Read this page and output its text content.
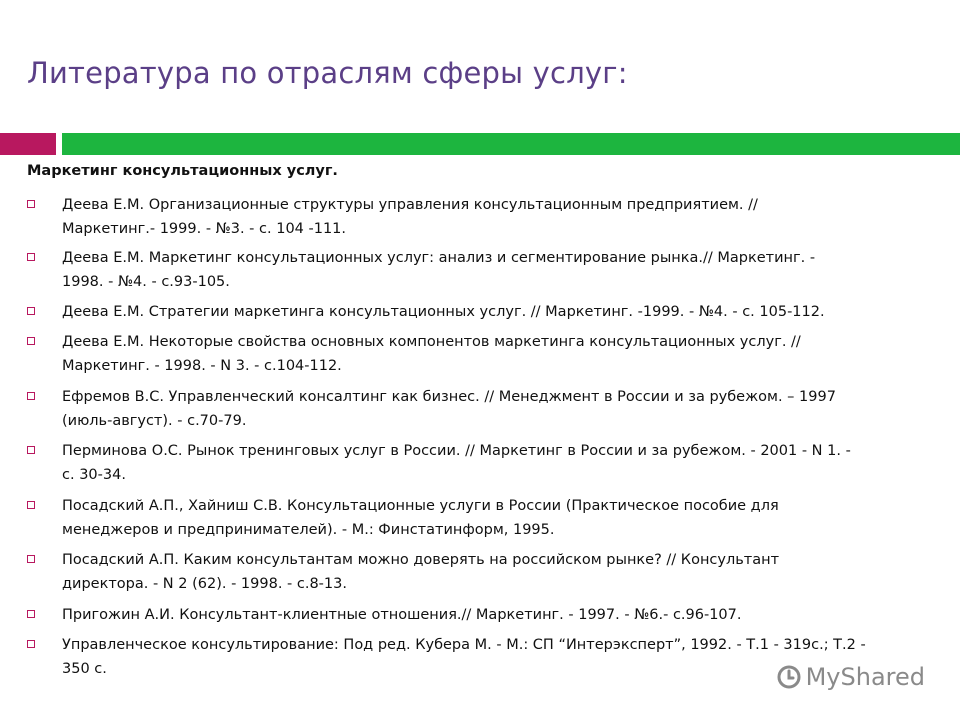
Литература по отраслям сферы услуг:
Маркетинг консультационных услуг.
Деева Е.М. Организационные структуры управления консультационным предприятием. //
Маркетинг.- 1999. - №3. - с. 104 -111.
Деева Е.М. Маркетинг консультационных услуг: анализ и сегментирование рынка.// Маркетинг. -
1998. - №4. - с.93-105.
Деева Е.М. Стратегии маркетинга консультационных услуг. // Маркетинг. -1999. - №4. - с. 105-112.
Деева Е.М. Некоторые свойства основных компонентов маркетинга консультационных услуг. //
Маркетинг. - 1998. - N 3. - с.104-112.
Ефремов В.С. Управленческий консалтинг как бизнес. // Менеджмент в России и за рубежом. – 1997
(июль-август). - с.70-79.
Перминова О.С. Рынок тренинговых услуг в России. // Маркетинг в России и за рубежом. - 2001 - N 1. -
с. 30-34.
Посадский А.П., Хайниш С.В. Консультационные услуги в России (Практическое пособие для
менеджеров и предпринимателей). - М.: Финстатинформ, 1995.
Посадский А.П. Каким консультантам можно доверять на российском рынке? // Консультант
директора. - N 2 (62). - 1998. - с.8-13.
Пригожин А.И. Консультант-клиентные отношения.// Маркетинг. - 1997. - №6.- с.96-107.
Управленческое консультирование: Под ред. Кубера М. - М.: СП “Интерэксперт”, 1992. - Т.1 - 319с.; Т.2 -
350 с.	MyShared
